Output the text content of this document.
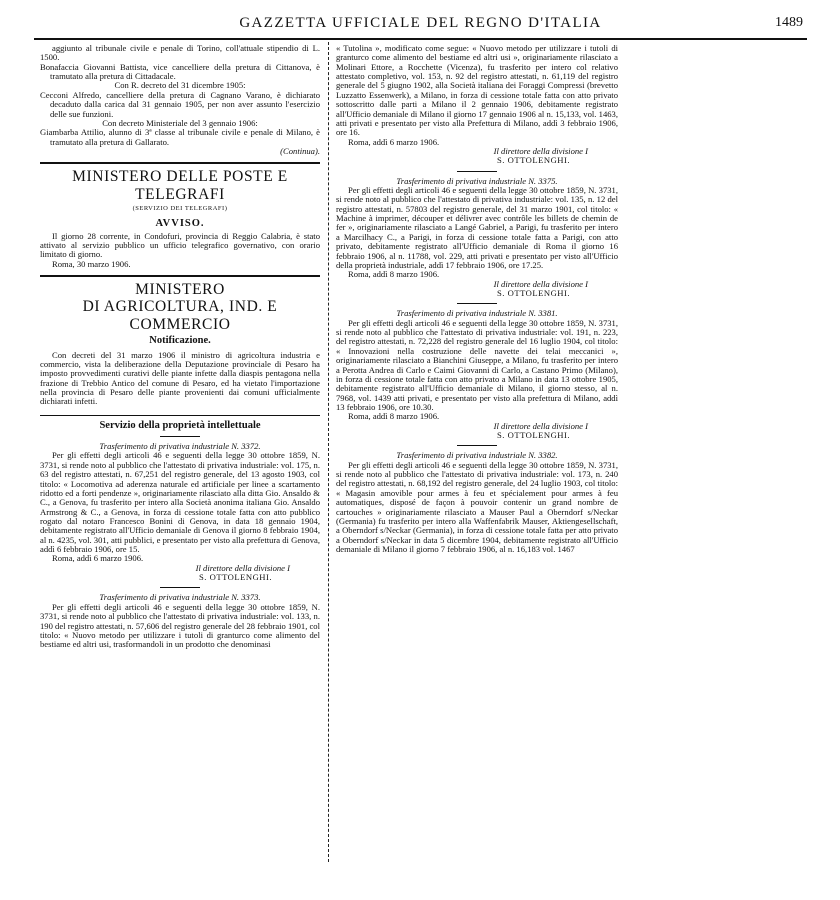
GAZZETTA UFFICIALE DEL REGNO D'ITALIA	1489

aggiunto al tribunale civile e penale di Torino, coll'attuale stipendio di L. 1500.

Bonafaccia Giovanni Battista, vice cancelliere della pretura di Cittanova, è tramutato alla pretura di Cittadacale.

Con R. decreto del 31 dicembre 1905:

Cecconi Alfredo, cancelliere della pretura di Cagnano Varano, è dichiarato decaduto dalla carica dal 31 gennaio 1905, per non aver assunto l'esercizio delle sue funzioni.

Con decreto Ministeriale del 3 gennaio 1906:

Giambarba Attilio, alunno di 3ª classe al tribunale civile e penale di Milano, è tramutato alla pretura di Gallarato.

(Continua).

MINISTERO DELLE POSTE E TELEGRAFI
(SERVIZIO DEI TELEGRAFI)
AVVISO.

Il giorno 28 corrente, in Condofuri, provincia di Reggio Calabria, è stato attivato al servizio pubblico un ufficio telegrafico governativo, con orario limitato di giorno.

Roma, 30 marzo 1906.

MINISTERO
DI AGRICOLTURA, IND. E COMMERCIO
Notificazione.

Con decreti del 31 marzo 1906 il ministro di agricoltura industria e commercio, vista la deliberazione della Deputazione provinciale di Pesaro ha imposto provvedimenti curativi delle piante infette dalla diaspis pentagona nella frazione di Trebbio Antico del comune di Pesaro, ed ha vietato l'importazione nella provincia di Pesaro delle piante provenienti dai comuni ufficialmente dichiarati infetti.

Servizio della proprietà intellettuale

Trasferimento di privativa industriale N. 3372.

Per gli effetti degli articoli 46 e seguenti della legge 30 ottobre 1859, N. 3731, si rende noto al pubblico che l'attestato di privativa industriale: vol. 175, n. 63 del registro attestati, n. 67,251 del registro generale, del 13 agosto 1903, col titolo: « Locomotiva ad aderenza naturale ed artificiale per linee a scartamento ridotto ed a forti pendenze », originariamente rilasciato alla ditta Gio. Ansaldo & C., a Genova, fu trasferito per intero alla Società anonima italiana Gio. Ansaldo Armstrong & C., a Genova, in forza di cessione totale fatta con atto pubblico rogato dal notaro Francesco Bonini di Genova, in data 18 gennaio 1904, debitamente registrato all'Ufficio demaniale di Genova il giorno 8 febbraio 1904, al n. 4235, vol. 301, atti pubblici, e presentato per visto alla prefettura di Genova, addì 6 febbraio 1906, ore 15.

Roma, addì 6 marzo 1906.

Il direttore della divisione I

S. OTTOLENGHI.

Trasferimento di privativa industriale N. 3373.

Per gli effetti degli articoli 46 e seguenti della legge 30 ottobre 1859, N. 3731, si rende noto al pubblico che l'attestato di privativa industriale: vol. 133, n. 190 del registro attestati, n. 57,606 del registro generale del 28 febbraio 1901, col titolo: « Nuovo metodo per utilizzare i tutoli di granturco come alimento del bestiame ed altri usi, trasformandoli in un prodotto che denominasi

« Tutolina », modificato come segue: « Nuovo metodo per utilizzare i tutoli di granturco come alimento del bestiame ed altri usi », originariamente rilasciato a Molinari Ettore, a Rocchette (Vicenza), fu trasferito per intero col relativo attestato completivo, vol. 153, n. 92 del registro attestati, n. 61,119 del registro generale del 5 giugno 1902, alla Società italiana dei Foraggi Compressi (brevetto Luzzatto Essenwerk), a Milano, in forza di cessione totale fatta con atto privato sottoscritto dalle parti a Milano il 2 gennaio 1906, debitamente registrato all'Ufficio demaniale di Milano il giorno 17 gennaio 1906 al n. 15,133, vol. 1463, atti privati e presentato per visto alla Prefettura di Milano, addì 3 febbraio 1906, ore 16.

Roma, addì 6 marzo 1906.

Il direttore della divisione I

S. OTTOLENGHI.

Trasferimento di privativa industriale N. 3375.

Per gli effetti degli articoli 46 e seguenti della legge 30 ottobre 1859, N. 3731, si rende noto al pubblico che l'attestato di privativa industriale: vol. 135, n. 12 del registro attestati, n. 57803 del registro generale, del 31 marzo 1901, col titolo: « Machine à imprimer, découper et délivrer avec contrôle les billets de chemin de fer », originariamente rilasciato a Langé Gabriel, a Parigi, fu trasferito per intero a Marcilhacy C., a Parigi, in forza di cessione totale fatta a Parigi, con atto privato, debitamente registrato all'Ufficio demaniale di Roma il giorno 16 febbraio 1906, al n. 11788, vol. 229, atti privati e presentato per visto all'Ufficio della proprietà industriale, addì 17 febbraio 1906, ore 17.25.

Roma, addì 8 marzo 1906.

Il direttore della divisione I

S. OTTOLENGHI.

Trasferimento di privativa industriale N. 3381.

Per gli effetti degli articoli 46 e seguenti della legge 30 ottobre 1859, N. 3731, si rende noto al pubblico che l'attestato di privativa industriale: vol. 191, n. 223, del registro attestati, n. 72,228 del registro generale del 16 luglio 1904, col titolo: « Innovazioni nella costruzione delle navette dei telai meccanici », originariamente rilasciato a Bianchini Giuseppe, a Milano, fu trasferito per intero a Perotta Andrea di Carlo e Caimi Giovanni di Carlo, a Castano Primo (Milano), in forza di cessione totale fatta con atto privato a Milano in data 13 ottobre 1905, debitamente registrato all'Ufficio demaniale di Milano, il giorno stesso, al n. 7968, vol. 1439 atti privati, e presentato per visto alla prefettura di Milano, addì 13 febbraio 1906, ore 10.30.

Roma, addì 8 marzo 1906.

Il direttore della divisione I

S. OTTOLENGHI.

Trasferimento di privativa industriale N. 3382.

Per gli effetti degli articoli 46 e seguenti della legge 30 ottobre 1859, N. 3731, si rende noto al pubblico che l'attestato di privativa industriale: vol. 173, n. 240 del registro attestati, n. 68,192 del registro generale, del 24 luglio 1903, col titolo: « Magasin amovible pour armes à feu et spécialement pour armes à feu automatiques, disposé de façon à pouvoir contenir un grand nombre de cartouches » originariamente rilasciato a Mauser Paul a Oberndorf s/Neckar (Germania) fu trasferito per intero alla Waffenfabrik Mauser, Aktiengesellschaft, a Oberndorf s/Neckar (Germania), in forza di cessione totale fatta per atto privato a Oberndorf s/Neckar in data 5 dicembre 1904, debitamente registrato all'Ufficio demaniale di Milano il giorno 7 febbraio 1906, al n. 16,183 vol. 1467
